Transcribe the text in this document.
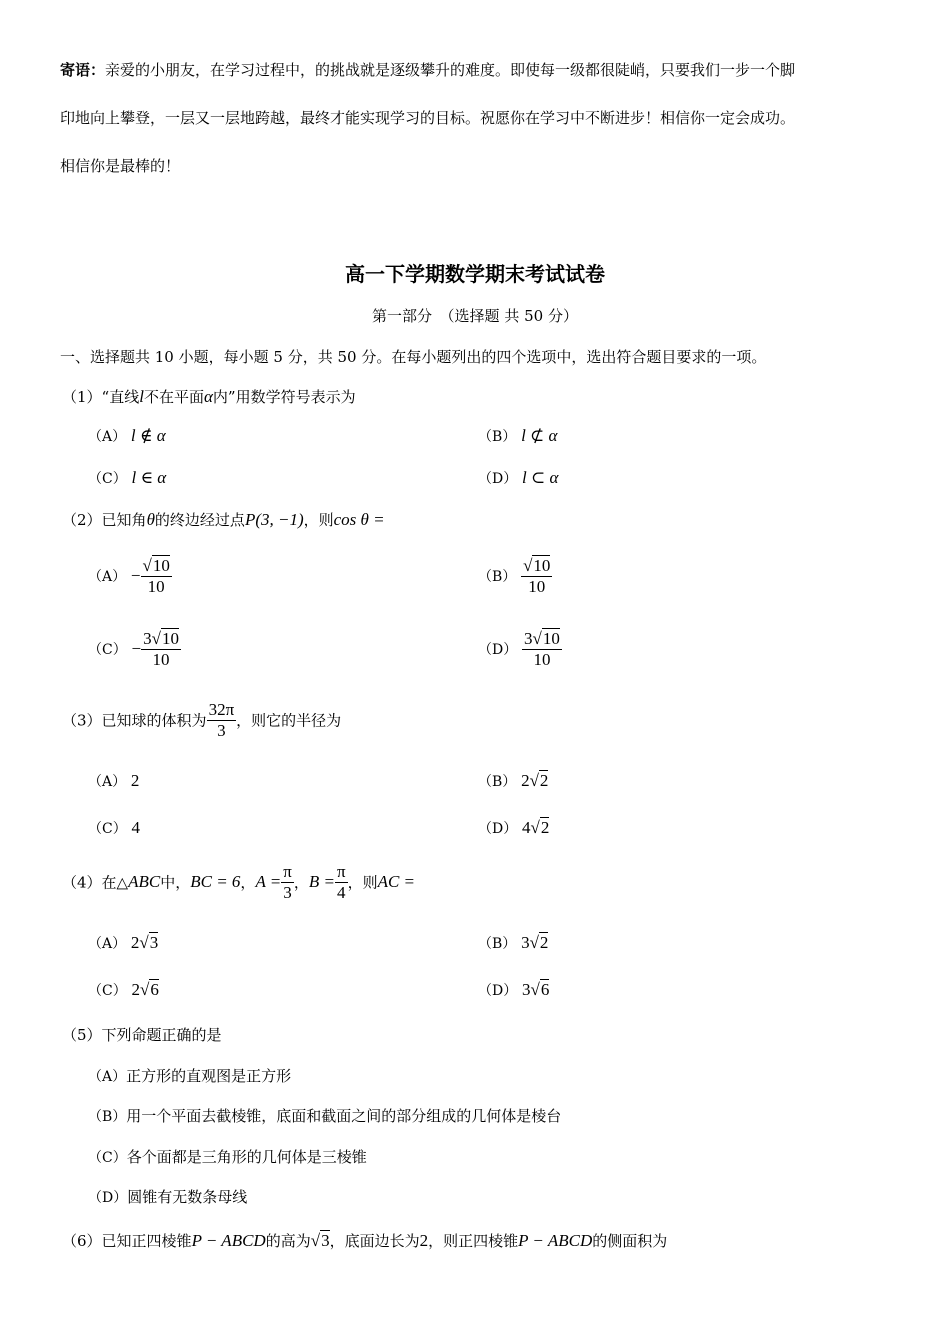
寄语：亲爱的小朋友，在学习过程中，的挑战就是逐级攀升的难度。即使每一级都很陡峭，只要我们一步一个脚
印地向上攀登，一层又一层地跨越，最终才能实现学习的目标。祝愿你在学习中不断进步！相信你一定会成功。
相信你是最棒的！
高一下学期数学期末考试试卷
第一部分　（选择题 共 50 分）
一、选择题共 10 小题，每小题 5 分，共 50 分。在每小题列出的四个选项中，选出符合题目要求的一项。
（1）“直线l不在平面α内”用数学符号表示为
（A） l ∉ α	（B） l ⊄ α
（C） l ∈ α	（D） l ⊂ α
（2）已知角θ的终边经过点P(3, −1)，则cos θ =
$(A) - \frac{√10}{10}$	$(B) \frac{√10}{10}$
$(C) - \frac{3√10}{10}$	$(D) \frac{3√10}{10}$
（3）已知球的体积为 $\frac{32\pi}{3}$ ，则它的半径为
（A） 2	（B） 2√2
（C） 4	（D） 4√2
（4）在△ABC中，BC = 6，$A = \frac{\pi}{3}$ ，$B = \frac{\pi}{4}$ ，则AC =
（A） 2√3	（B） 3√2
（C） 2√6	（D） 3√6
（5）下列命题正确的是
（A）正方形的直观图是正方形
（B）用一个平面去截棱锥，底面和截面之间的部分组成的几何体是棱台
（C）各个面都是三角形的几何体是三棱锥
（D）圆锥有无数条母线
（6）已知正四棱锥P − ABCD的高为√3，底面边长为2，则正四棱锥P − ABCD的侧面积为
